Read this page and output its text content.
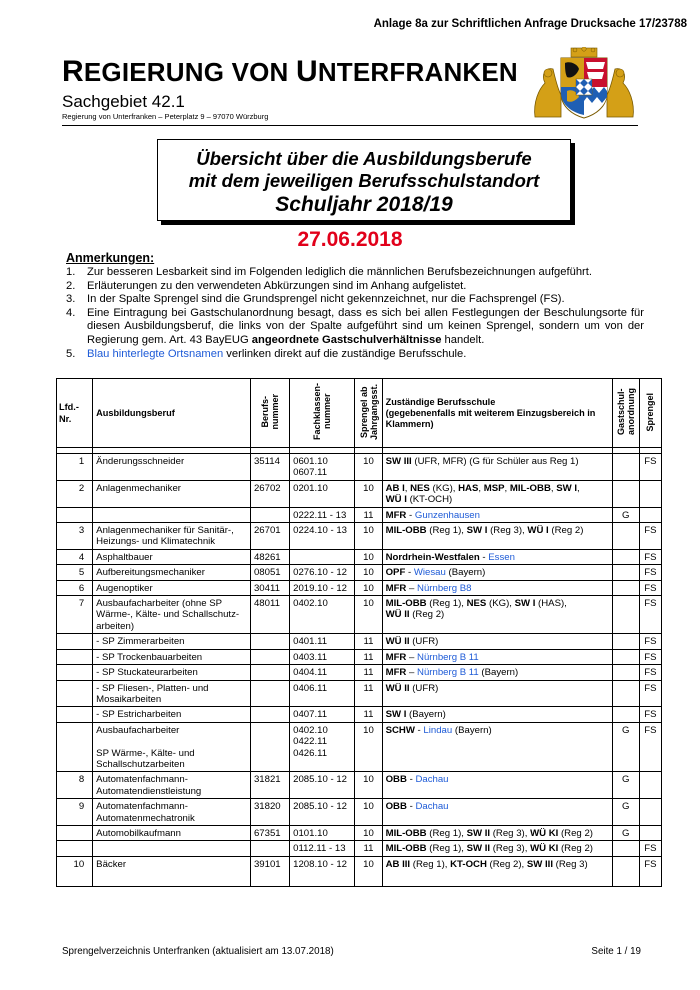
Anlage 8a zur Schriftlichen Anfrage Drucksache 17/23788
REGIERUNG VON UNTERFRANKEN
Sachgebiet 42.1
Regierung von Unterfranken – Peterplatz 9 – 97070 Würzburg
Übersicht über die Ausbildungsberufe
mit dem jeweiligen Berufsschulstandort
Schuljahr 2018/19
27.06.2018
Anmerkungen:
1.	Zur besseren Lesbarkeit sind im Folgenden lediglich die männlichen Berufsbezeichnungen aufgeführt.
2.	Erläuterungen zu den verwendeten Abkürzungen sind im Anhang aufgelistet.
3.	In der Spalte Sprengel sind die Grundsprengel nicht gekennzeichnet, nur die Fachsprengel (FS).
4.	Eine Eintragung bei Gastschulanordnung besagt, dass es sich bei allen Festlegungen der Beschulungsorte für diesen Ausbildungsberuf, die links von der Spalte aufgeführt sind um keinen Sprengel, sondern um von der Regierung gem. Art. 43 BayEUG angeordnete Gastschulverhältnisse handelt.
5.	Blau hinterlegte Ortsnamen verlinken direkt auf die zuständige Berufsschule.
Lfd.-Nr.	Ausbildungsberuf	Berufs-
nummer	Fachklassen-
nummer	Sprengel ab
Jahrgangsst.	Zuständige Berufsschule
(gegebenenfalls mit weiterem Einzugsbereich in Klammern)	Gastschul-
anordnung	Sprengel

1	Änderungsschneider	35114	0601.10
0607.11	10	SW III (UFR, MFR) (G für Schüler aus Reg 1)		FS
2	Anlagenmechaniker	26702	0201.10	10	AB I, NES (KG), HAS, MSP, MIL-OBB, SW I,
WÜ I (KT-OCH)		
			0222.11 - 13	11	MFR - Gunzenhausen	G	
3	Anlagenmechaniker für Sanitär-,
Heizungs- und Klimatechnik	26701	0224.10 - 13	10	MIL-OBB (Reg 1), SW I (Reg 3), WÜ I (Reg 2)		FS
4	Asphaltbauer	48261		10	Nordrhein-Westfalen - Essen		FS
5	Aufbereitungsmechaniker	08051	0276.10 - 12	10	OPF - Wiesau (Bayern)		FS
6	Augenoptiker	30411	2019.10 - 12	10	MFR – Nürnberg B8		FS
7	Ausbaufacharbeiter (ohne SP
Wärme-, Kälte- und Schallschutz-
arbeiten)	48011	0402.10	10	MIL-OBB (Reg 1), NES (KG), SW I (HAS),
WÜ II (Reg 2)		FS
	- SP Zimmerarbeiten		0401.11	11	WÜ II (UFR)		FS
	- SP Trockenbauarbeiten		0403.11	11	MFR – Nürnberg B 11		FS
	- SP Stuckateurarbeiten		0404.11	11	MFR – Nürnberg B 11 (Bayern)		FS
	- SP Fliesen-, Platten- und
Mosaikarbeiten		0406.11	11	WÜ II (UFR)		FS
	- SP Estricharbeiten		0407.11	11	SW I (Bayern)		FS
	Ausbaufacharbeiter

SP Wärme-, Kälte- und
Schallschutzarbeiten		0402.10
0422.11
0426.11	10	SCHW - Lindau (Bayern)	G	FS
8	Automatenfachmann-
Automatendienstleistung	31821	2085.10 - 12	10	OBB - Dachau	G	
9	Automatenfachmann-
Automatenmechatronik	31820	2085.10 - 12	10	OBB - Dachau	G	
	Automobilkaufmann	67351	0101.10	10	MIL-OBB (Reg 1), SW II (Reg 3), WÜ KI (Reg 2)	G	
			0112.11 - 13	11	MIL-OBB (Reg 1), SW II (Reg 3), WÜ KI (Reg 2)		FS
10	Bäcker	39101	1208.10 - 12	10	AB III (Reg 1), KT-OCH (Reg 2), SW III (Reg 3)		FS
Sprengelverzeichnis Unterfranken (aktualisiert am 13.07.2018)	Seite 1 / 19
